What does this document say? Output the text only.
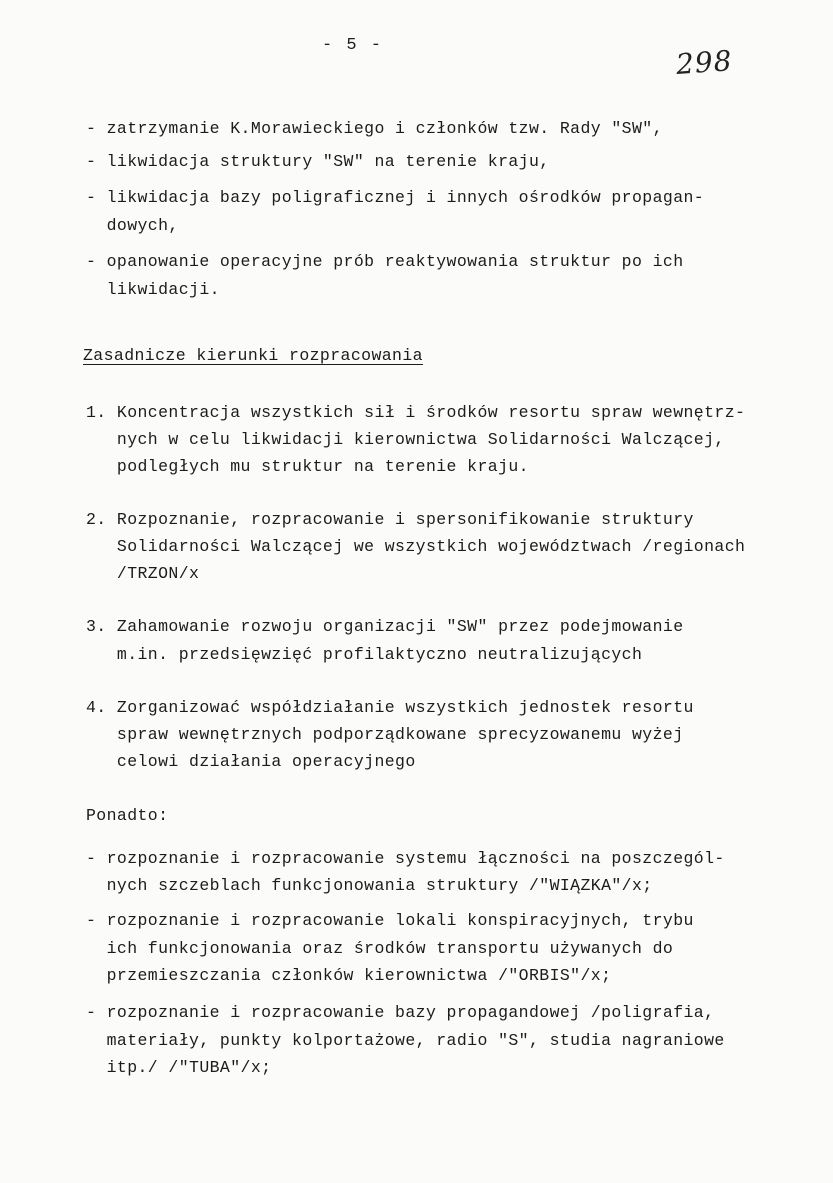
- 5 -	298
- zatrzymanie K.Morawieckiego i członków tzw. Rady "SW",
- likwidacja struktury "SW" na terenie kraju,
- likwidacja bazy poligraficznej i innych ośrodków propagan-
dowych,
- opanowanie operacyjne prób reaktywowania struktur po ich
likwidacji.
Zasadnicze kierunki rozpracowania
1. Koncentracja wszystkich sił i środków resortu spraw wewnętrz-
nych w celu likwidacji kierownictwa Solidarności Walczącej,
podległych mu struktur na terenie kraju.
2. Rozpoznanie, rozpracowanie i spersonifikowanie struktury
Solidarności Walczącej we wszystkich województwach /regionach
/TRZON/x
3. Zahamowanie rozwoju organizacji "SW" przez podejmowanie
m.in. przedsięwzięć profilaktyczno neutralizujących
4. Zorganizować współdziałanie wszystkich jednostek resortu
spraw wewnętrznych podporządkowane sprecyzowanemu wyżej
celowi działania operacyjnego
Ponadto:
- rozpoznanie i rozpracowanie systemu łączności na poszczegól-
nych szczeblach funkcjonowania struktury /"WIĄZKA"/x;
- rozpoznanie i rozpracowanie lokali konspiracyjnych, trybu
ich funkcjonowania oraz środków transportu używanych do
przemieszczania członków kierownictwa /"ORBIS"/x;
- rozpoznanie i rozpracowanie bazy propagandowej /poligrafia,
materiały, punkty kolportażowe, radio "S", studia nagraniowe
itp./ /"TUBA"/x;
